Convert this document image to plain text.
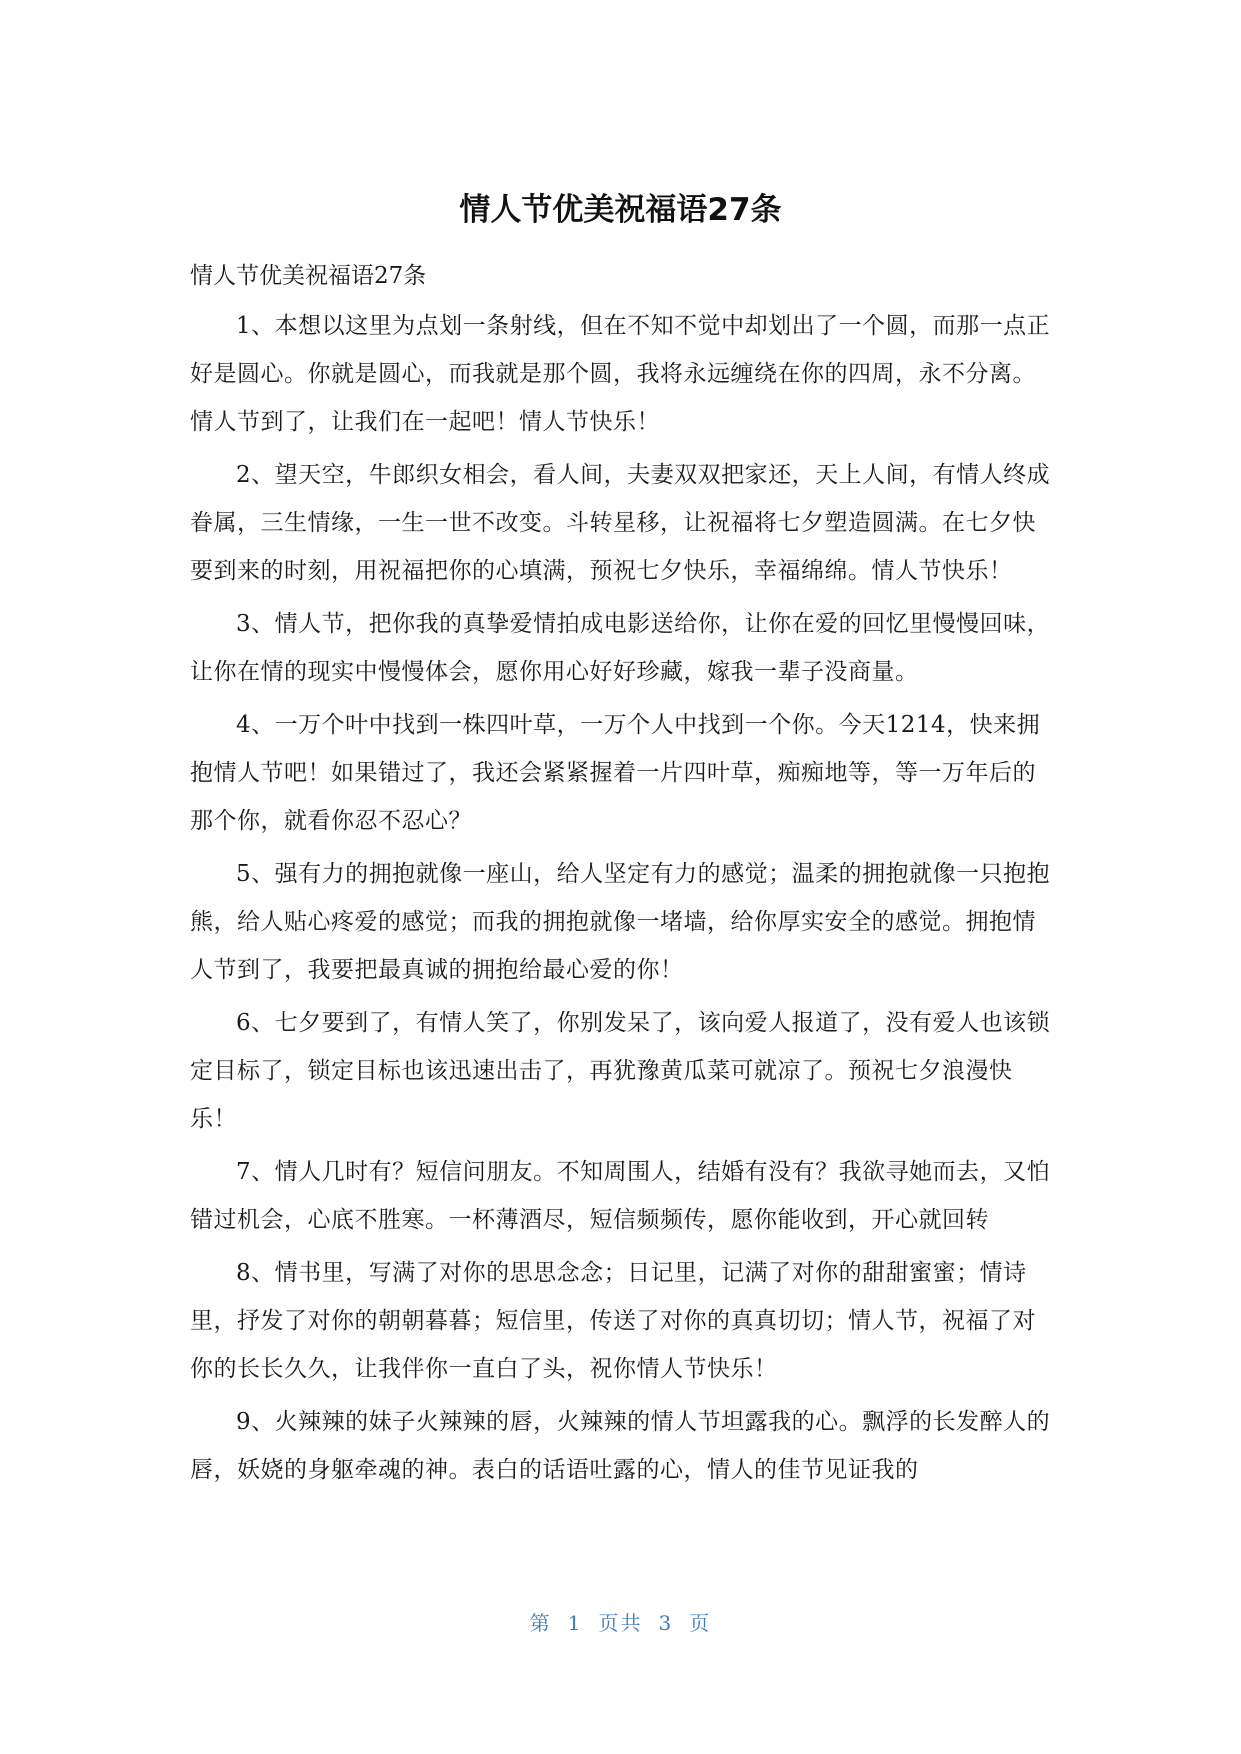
情人节优美祝福语27条

情人节优美祝福语27条

1、本想以这里为点划一条射线，但在不知不觉中却划出了一个圆，而那一点正好是圆心。你就是圆心，而我就是那个圆，我将永远缠绕在你的四周，永不分离。情人节到了，让我们在一起吧！情人节快乐！

2、望天空，牛郎织女相会，看人间，夫妻双双把家还，天上人间，有情人终成眷属，三生情缘，一生一世不改变。斗转星移，让祝福将七夕塑造圆满。在七夕快要到来的时刻，用祝福把你的心填满，预祝七夕快乐，幸福绵绵。情人节快乐！

3、情人节，把你我的真挚爱情拍成电影送给你，让你在爱的回忆里慢慢回味，让你在情的现实中慢慢体会，愿你用心好好珍藏，嫁我一辈子没商量。

4、一万个叶中找到一株四叶草，一万个人中找到一个你。今天1214，快来拥抱情人节吧！如果错过了，我还会紧紧握着一片四叶草，痴痴地等，等一万年后的那个你，就看你忍不忍心？

5、强有力的拥抱就像一座山，给人坚定有力的感觉；温柔的拥抱就像一只抱抱熊，给人贴心疼爱的感觉；而我的拥抱就像一堵墙，给你厚实安全的感觉。拥抱情人节到了，我要把最真诚的拥抱给最心爱的你！

6、七夕要到了，有情人笑了，你别发呆了，该向爱人报道了，没有爱人也该锁定目标了，锁定目标也该迅速出击了，再犹豫黄瓜菜可就凉了。预祝七夕浪漫快乐！

7、情人几时有？短信问朋友。不知周围人，结婚有没有？我欲寻她而去，又怕错过机会，心底不胜寒。一杯薄酒尽，短信频频传，愿你能收到，开心就回转

8、情书里，写满了对你的思思念念；日记里，记满了对你的甜甜蜜蜜；情诗里，抒发了对你的朝朝暮暮；短信里，传送了对你的真真切切；情人节，祝福了对你的长长久久，让我伴你一直白了头，祝你情人节快乐！

9、火辣辣的妹子火辣辣的唇，火辣辣的情人节坦露我的心。飘浮的长发醉人的唇，妖娆的身躯牵魂的神。表白的话语吐露的心，情人的佳节见证我的

第 1 页共 3 页
